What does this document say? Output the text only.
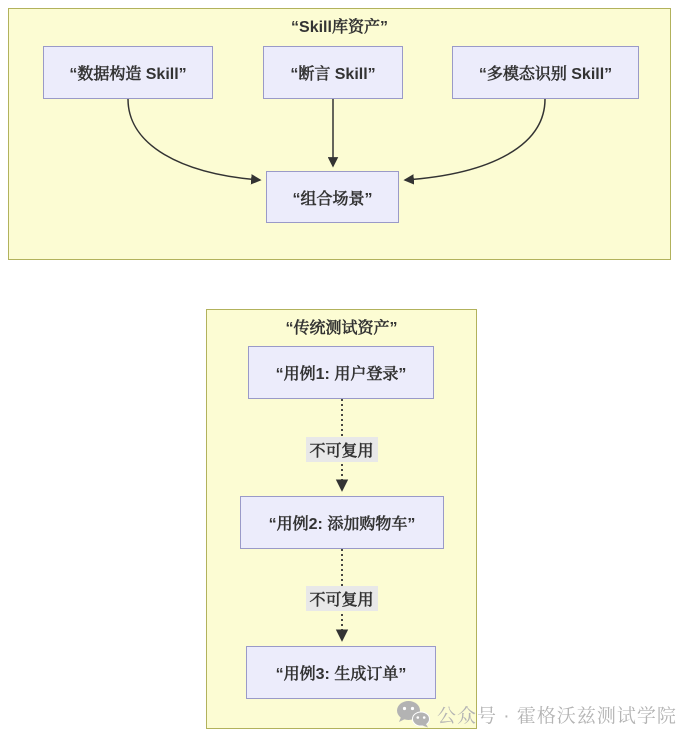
“Skill库资产”
“数据构造 Skill”	“断言 Skill”	“多模态识别 Skill”
“组合场景”
“传统测试资产”
“用例1: 用户登录”
不可复用
“用例2: 添加购物车”
不可复用
“用例3: 生成订单”
公众号 · 霍格沃兹测试学院
